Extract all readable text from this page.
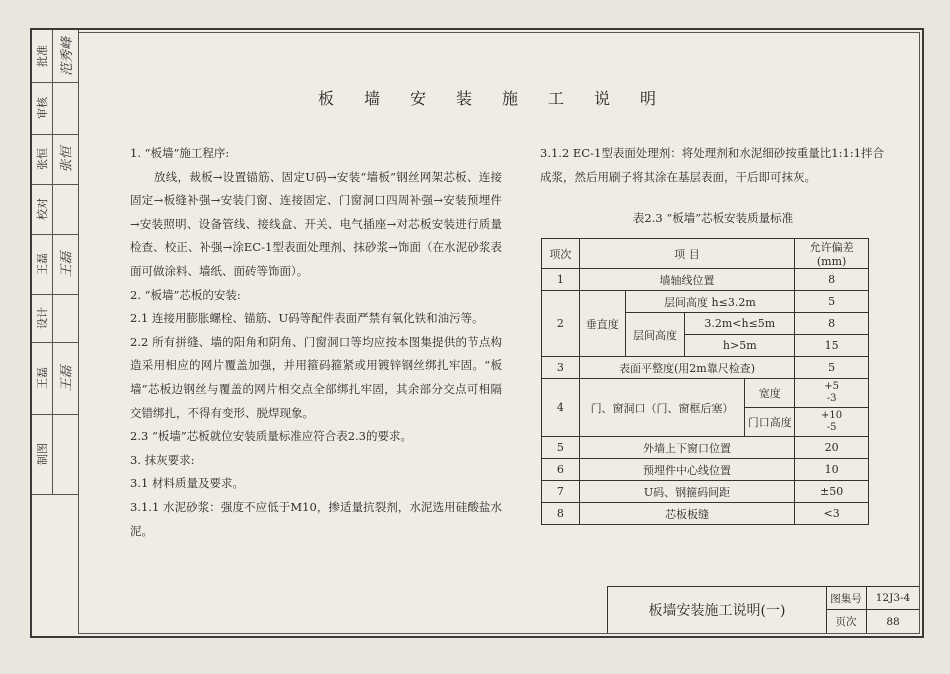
批准 范秀峰
审核
张恒 张恒
校对
王磊 王磊
设计
王磊 王磊
制图
板墙安装施工说明

1. “板墙”施工程序:

放线，裁板→设置锚筋、固定U码→安装“墙板”钢丝网架芯板、连接固定→板缝补强→安装门窗、连接固定、门窗洞口四周补强→安装预埋件→安装照明、设备管线、接线盒、开关、电气插座→对芯板安装进行质量检查、校正、补强→涂EC-1型表面处理剂、抹砂浆→饰面（在水泥砂浆表面可做涂料、墙纸、面砖等饰面）。

2. “板墙”芯板的安装:

2.1 连接用膨胀螺栓、锚筋、U码等配件表面严禁有氧化铁和油污等。

2.2 所有拼缝、墙的阳角和阴角、门窗洞口等均应按本图集提供的节点构造采用相应的网片覆盖加强，并用箍码箍紧或用镀锌钢丝绑扎牢固。“板墙”芯板边钢丝与覆盖的网片相交点全部绑扎牢固，其余部分交点可相隔交错绑扎，不得有变形、脱焊现象。

2.3 “板墙”芯板就位安装质量标准应符合表2.3的要求。

3. 抹灰要求:

3.1 材料质量及要求。

3.1.1 水泥砂浆：强度不应低于M10，掺适量抗裂剂，水泥选用硅酸盐水泥。

3.1.2 EC-1型表面处理剂：将处理剂和水泥细砂按重量比1:1:1拌合成浆，然后用刷子将其涂在基层表面，干后即可抹灰。

表2.3 “板墙”芯板安装质量标准
项次	项 目				允许偏差(mm)
1	墙轴线位置				8
2	垂直度	层间高度 h≤3.2m			5
		层间高度	3.2m<h≤5m		8
			h>5m		15
3	表面平整度(用2m靠尺检查)				5
4	门、窗洞口（门、窗框后塞）			宽度	+5
-3
				门口高度	+10
-5
5	外墙上下窗口位置				20
6	预埋件中心线位置				10
7	U码、钢箍码间距				±50
8	芯板板缝				<3
板墙安装施工说明(一)
图集号	12J3-4
页次	88
